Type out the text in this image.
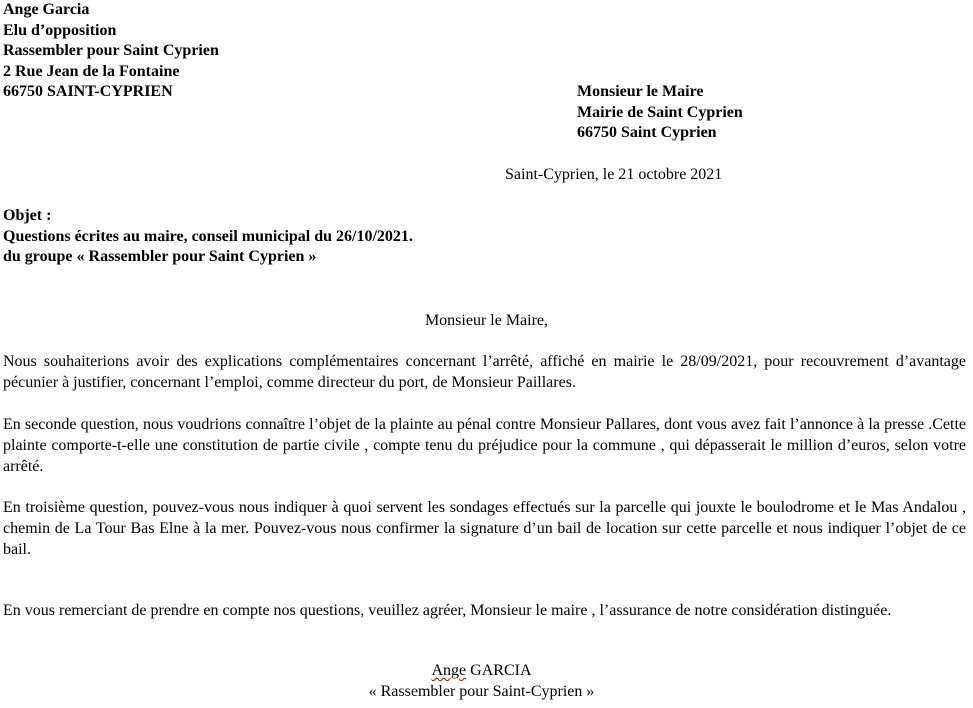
Ange Garcia
Elu d’opposition
Rassembler pour Saint Cyprien
2 Rue Jean de la Fontaine
66750 SAINT-CYPRIEN	Monsieur le Maire
Mairie de Saint Cyprien
66750 Saint Cyprien
Saint-Cyprien, le 21 octobre 2021
Objet :
Questions écrites au maire, conseil municipal du 26/10/2021.
du groupe « Rassembler pour Saint Cyprien »
Monsieur le Maire,
Nous souhaiterions avoir des explications complémentaires concernant l’arrêté, affiché en mairie le 28/09/2021, pour recouvrement d’avantage pécunier à justifier, concernant l’emploi, comme directeur du port, de Monsieur Paillares.
En seconde question, nous voudrions connaître l’objet de la plainte au pénal contre Monsieur Pallares, dont vous avez fait l’annonce à la presse .Cette plainte comporte-t-elle une constitution de partie civile , compte tenu du préjudice pour la commune , qui dépasserait le million d’euros, selon votre arrêté.
En troisième question, pouvez-vous nous indiquer à quoi servent les sondages effectués sur la parcelle qui jouxte le boulodrome et le Mas Andalou , chemin de La Tour Bas Elne à la mer. Pouvez-vous nous confirmer la signature d’un bail de location sur cette parcelle et nous indiquer l’objet de ce bail.
En vous remerciant de prendre en compte nos questions, veuillez agréer, Monsieur le maire , l’assurance de notre considération distinguée.
Ange GARCIA
« Rassembler pour Saint-Cyprien »
